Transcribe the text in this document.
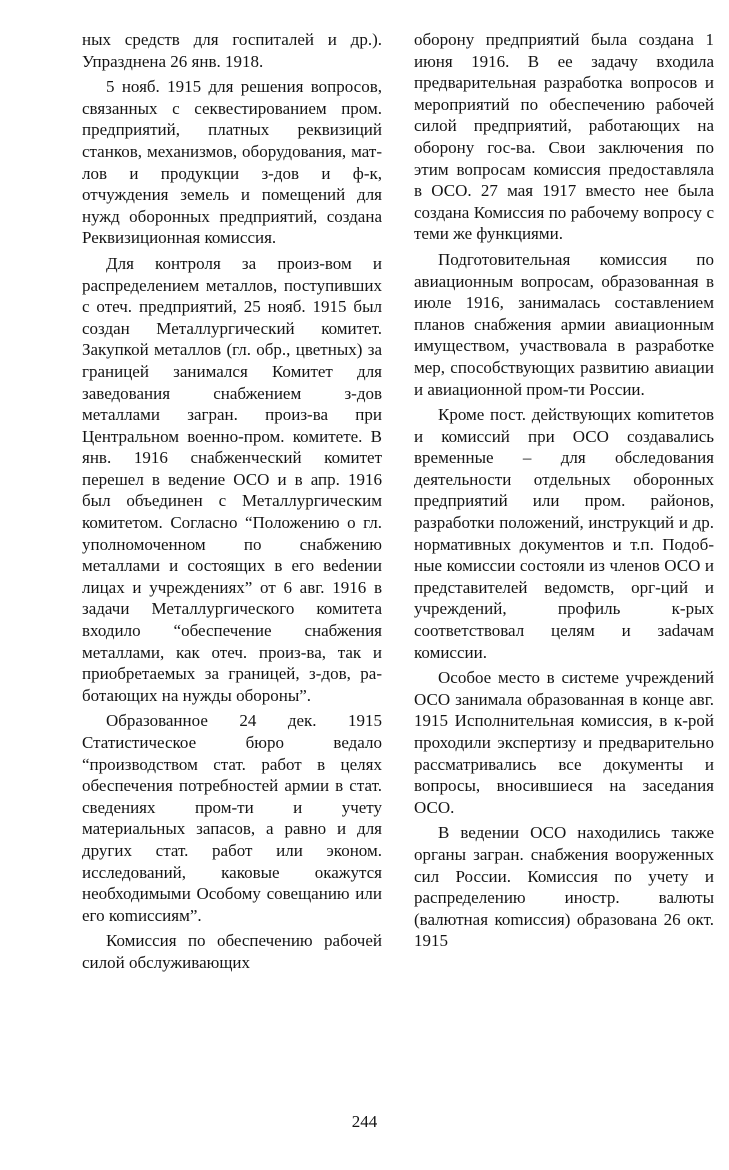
ных средств для госпиталей и др.). Упразднена 26 янв. 1918.

5 нояб. 1915 для решения вопросов, связанных с секвестированием пром. предприятий, платных реквизиций станков, механизмов, оборудования, мат-лов и продукции з-дов и ф-к, отчуждения земель и помещений для нужд оборонных предприятий, создана Реквизиционная комиссия.

Для контроля за произ-вом и распределением металлов, поступивших с отеч. предприятий, 25 нояб. 1915 был создан Металлургический комитет. Закупкой металлов (гл. обр., цветных) за границей занимался Комитет для заведования снабжением з-дов металлами загран. произ-ва при Центральном военно-пром. комитете. В янв. 1916 снабженческий комитет перешел в ведение ОСО и в апр. 1916 был объединен с Металлургическим комитетом. Согласно “Положению о гл. уполномоченном по снабжению металлами и состоящих в его веdении лицах и учреждениях” от 6 авг. 1916 в задачи Металлургического комитета входило “обеспечение снабжения металлами, как отеч. произ-ва, так и приобретаемых за границей, з-дов, работающих на нужды обороны”.

Образованное 24 дек. 1915 Статистическое бюро ведало “производством стат. работ в целях обеспечения потребностей армии в стат. сведениях пром-ти и учету материальных запасов, а равно и для других стат. работ или эконом. исследований, каковые окажутся необходимыми Особому совещанию или его коmиссиям”.

Комиссия по обеспечению рабочей силой обслуживающих

оборону предприятий была создана 1 июня 1916. В ее задачу входила предварительная разработка вопросов и мероприятий по обеспечению рабочей силой предприятий, работающих на оборону гос-ва. Свои заключения по этим вопросам комиссия предоставляла в ОСО. 27 мая 1917 вместо нее была создана Комиссия по рабочему вопросу с теми же функциями.

Подготовительная комиссия по авиационным вопросам, образованная в июле 1916, занималась составлением планов снабжения армии авиационным имуществом, участвовала в разработке мер, способствующих развитию авиации и авиационной пром-ти России.

Кроме пост. действующих коmитетов и комиссий при ОСО создавались временные – для обследования деятельности отдельных оборонных предприятий или пром. районов, разработки положений, инструкций и др. нормативных документов и т.п. Подобные комиссии состояли из членов ОСО и представителей ведомств, орг-ций и учреждений, профиль к-рых соответствовал целям и заdачам комиссии.

Особое место в системе учреждений ОСО занимала образованная в конце авг. 1915 Исполнительная комиссия, в к-рой проходили экспертизу и предварительно рассматривались все документы и вопросы, вносившиеся на заседания ОСО.

В ведении ОСО находились также органы загран. снабжения вооруженных сил России. Комиссия по учету и распределению иностр. валюты (валютная коmиссия) образована 26 окт. 1915

244
